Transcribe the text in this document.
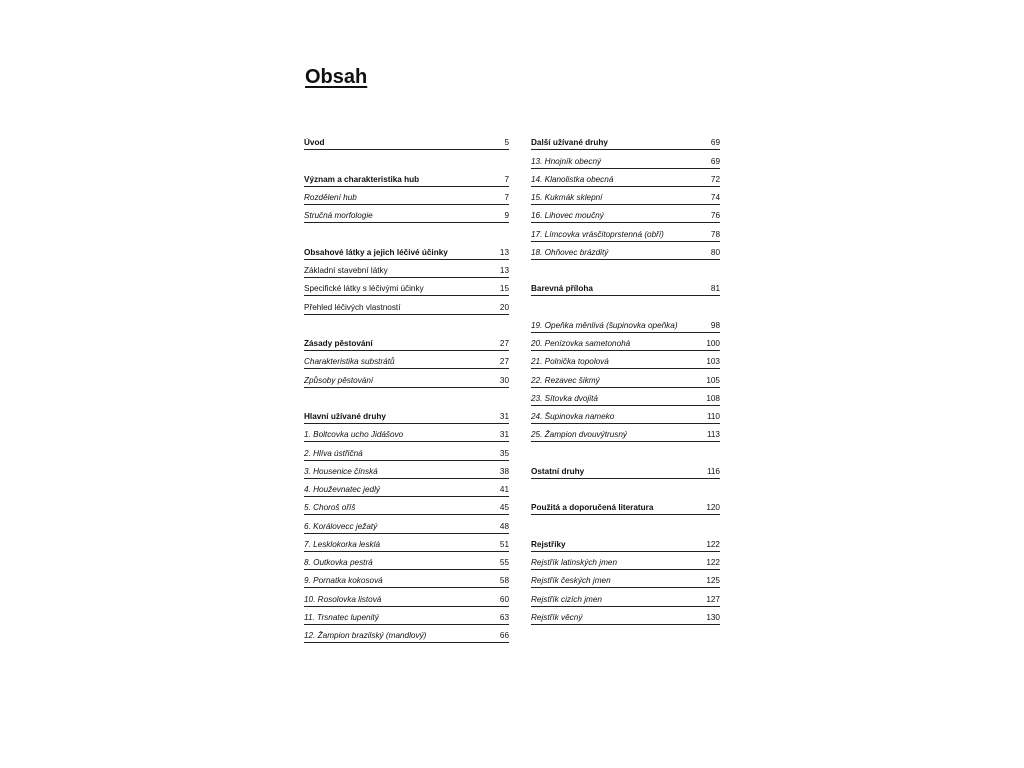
Obsah
Úvod	5
Význam a charakteristika hub	7
Rozdělení hub	7
Stručná morfologie	9
Obsahové látky a jejich léčivé účinky	13
Základní stavební látky	13
Specifické látky s léčivými účinky	15
Přehled léčivých vlastností	20
Zásady pěstování	27
Charakteristika substrátů	27
Způsoby pěstování	30
Hlavní užívané druhy	31
1. Boltcovka ucho Jidášovo	31
2. Hlíva ústřičná	35
3. Housenice čínská	38
4. Houževnatec jedlý	41
5. Choroš oříš	45
6. Korálovecc ježatý	48
7. Lesklokorka lesklá	51
8. Outkovka pestrá	55
9. Pornatka kokosová	58
10. Rosolovka listová	60
11. Trsnatec lupenitý	63
12. Žampion brazilský (mandlový)	66
Další užívané druhy	69
13. Hnojník obecný	69
14. Klanolistka obecná	72
15. Kukmák sklepní	74
16. Lihovec moučný	76
17. Límcovka vrásčitoprstenná (obří)	78
18. Ohňovec brázditý	80
Barevná příloha	81
19. Opeňka měnlivá (šupinovka opeňka)	98
20. Penízovka sametonohá	100
21. Polnička topolová	103
22. Rezavec šikmý	105
23. Sítovka dvojitá	108
24. Šupinovka nameko	110
25. Žampion dvouvýtrusný	113
Ostatní druhy	116
Použitá a doporučená literatura	120
Rejstříky	122
Rejstřík latinských jmen	122
Rejstřík českých jmen	125
Rejstřík cizích jmen	127
Rejstřík věcný	130
